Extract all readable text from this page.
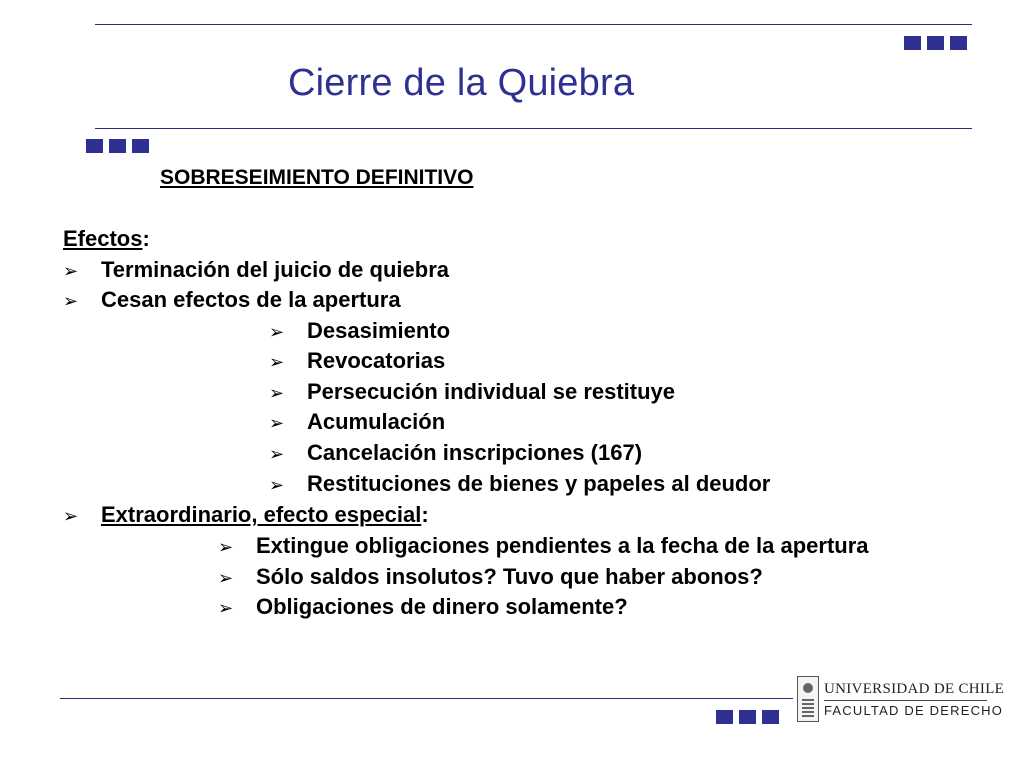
Cierre de la Quiebra
SOBRESEIMIENTO DEFINITIVO
Efectos:
➢ Terminación del juicio de quiebra
➢ Cesan efectos de la apertura
➢ Desasimiento
➢ Revocatorias
➢ Persecución individual se restituye
➢ Acumulación
➢ Cancelación inscripciones (167)
➢ Restituciones de bienes y papeles al deudor
➢ Extraordinario, efecto especial:
➢ Extingue obligaciones pendientes a la fecha de la apertura
➢ Sólo saldos insolutos? Tuvo que haber abonos?
➢ Obligaciones de dinero solamente?
UNIVERSIDAD DE CHILE
FACULTAD DE DERECHO
